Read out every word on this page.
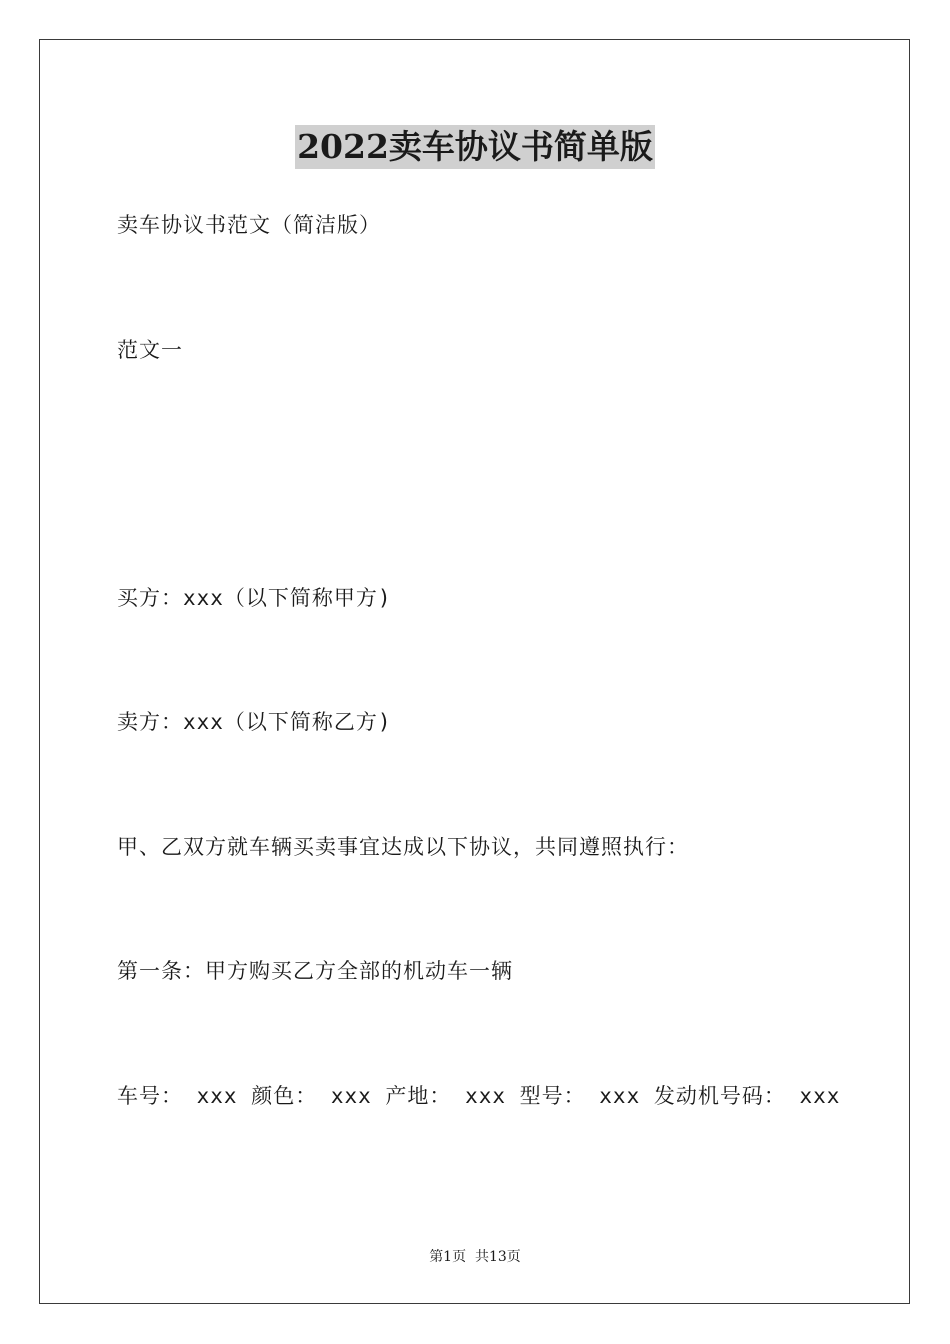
2022卖车协议书简单版
卖车协议书范文（简洁版）
范文一
买方：xxx（以下简称甲方)
卖方：xxx（以下简称乙方)
甲、乙双方就车辆买卖事宜达成以下协议，共同遵照执行：
第一条：甲方购买乙方全部的机动车一辆
车号： xxx 颜色： xxx 产地： xxx 型号： xxx 发动机号码： xxx
第1页  共13页
